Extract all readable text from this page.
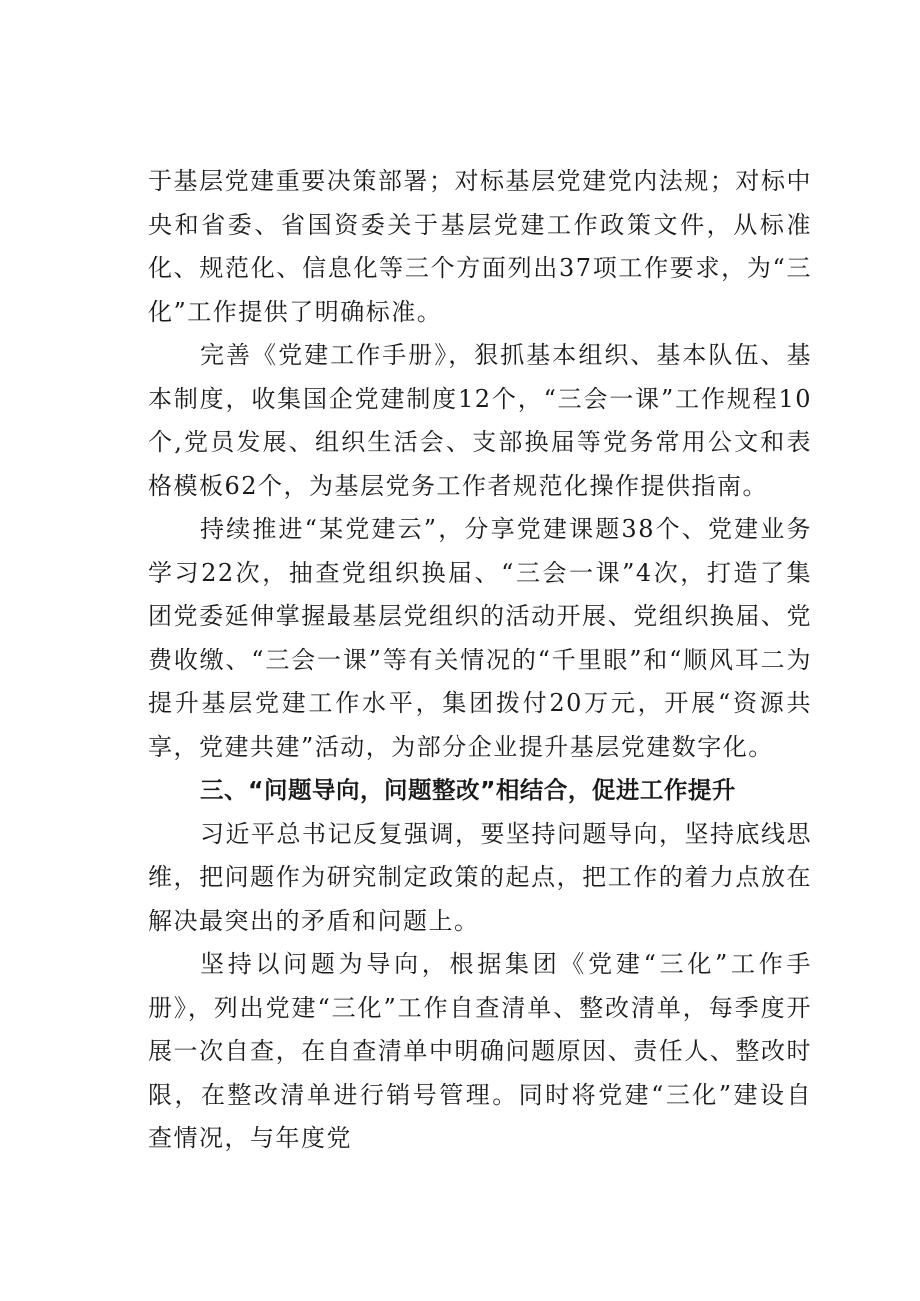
于基层党建重要决策部署；对标基层党建党内法规；对标中央和省委、省国资委关于基层党建工作政策文件，从标准化、规范化、信息化等三个方面列出37项工作要求，为“三化”工作提供了明确标准。

完善《党建工作手册》，狠抓基本组织、基本队伍、基本制度，收集国企党建制度12个，“三会一课”工作规程10个,党员发展、组织生活会、支部换届等党务常用公文和表格模板62个，为基层党务工作者规范化操作提供指南。

持续推进“某党建云”，分享党建课题38个、党建业务学习22次，抽查党组织换届、“三会一课”4次，打造了集团党委延伸掌握最基层党组织的活动开展、党组织换届、党费收缴、“三会一课”等有关情况的“千里眼”和“顺风耳二为提升基层党建工作水平，集团拨付20万元，开展“资源共享，党建共建”活动，为部分企业提升基层党建数字化。

三、“问题导向，问题整改”相结合，促进工作提升

习近平总书记反复强调，要坚持问题导向，坚持底线思维，把问题作为研究制定政策的起点，把工作的着力点放在解决最突出的矛盾和问题上。

坚持以问题为导向，根据集团《党建“三化”工作手册》，列出党建“三化”工作自查清单、整改清单，每季度开展一次自查，在自查清单中明确问题原因、责任人、整改时限，在整改清单进行销号管理。同时将党建“三化”建设自查情况，与年度党
